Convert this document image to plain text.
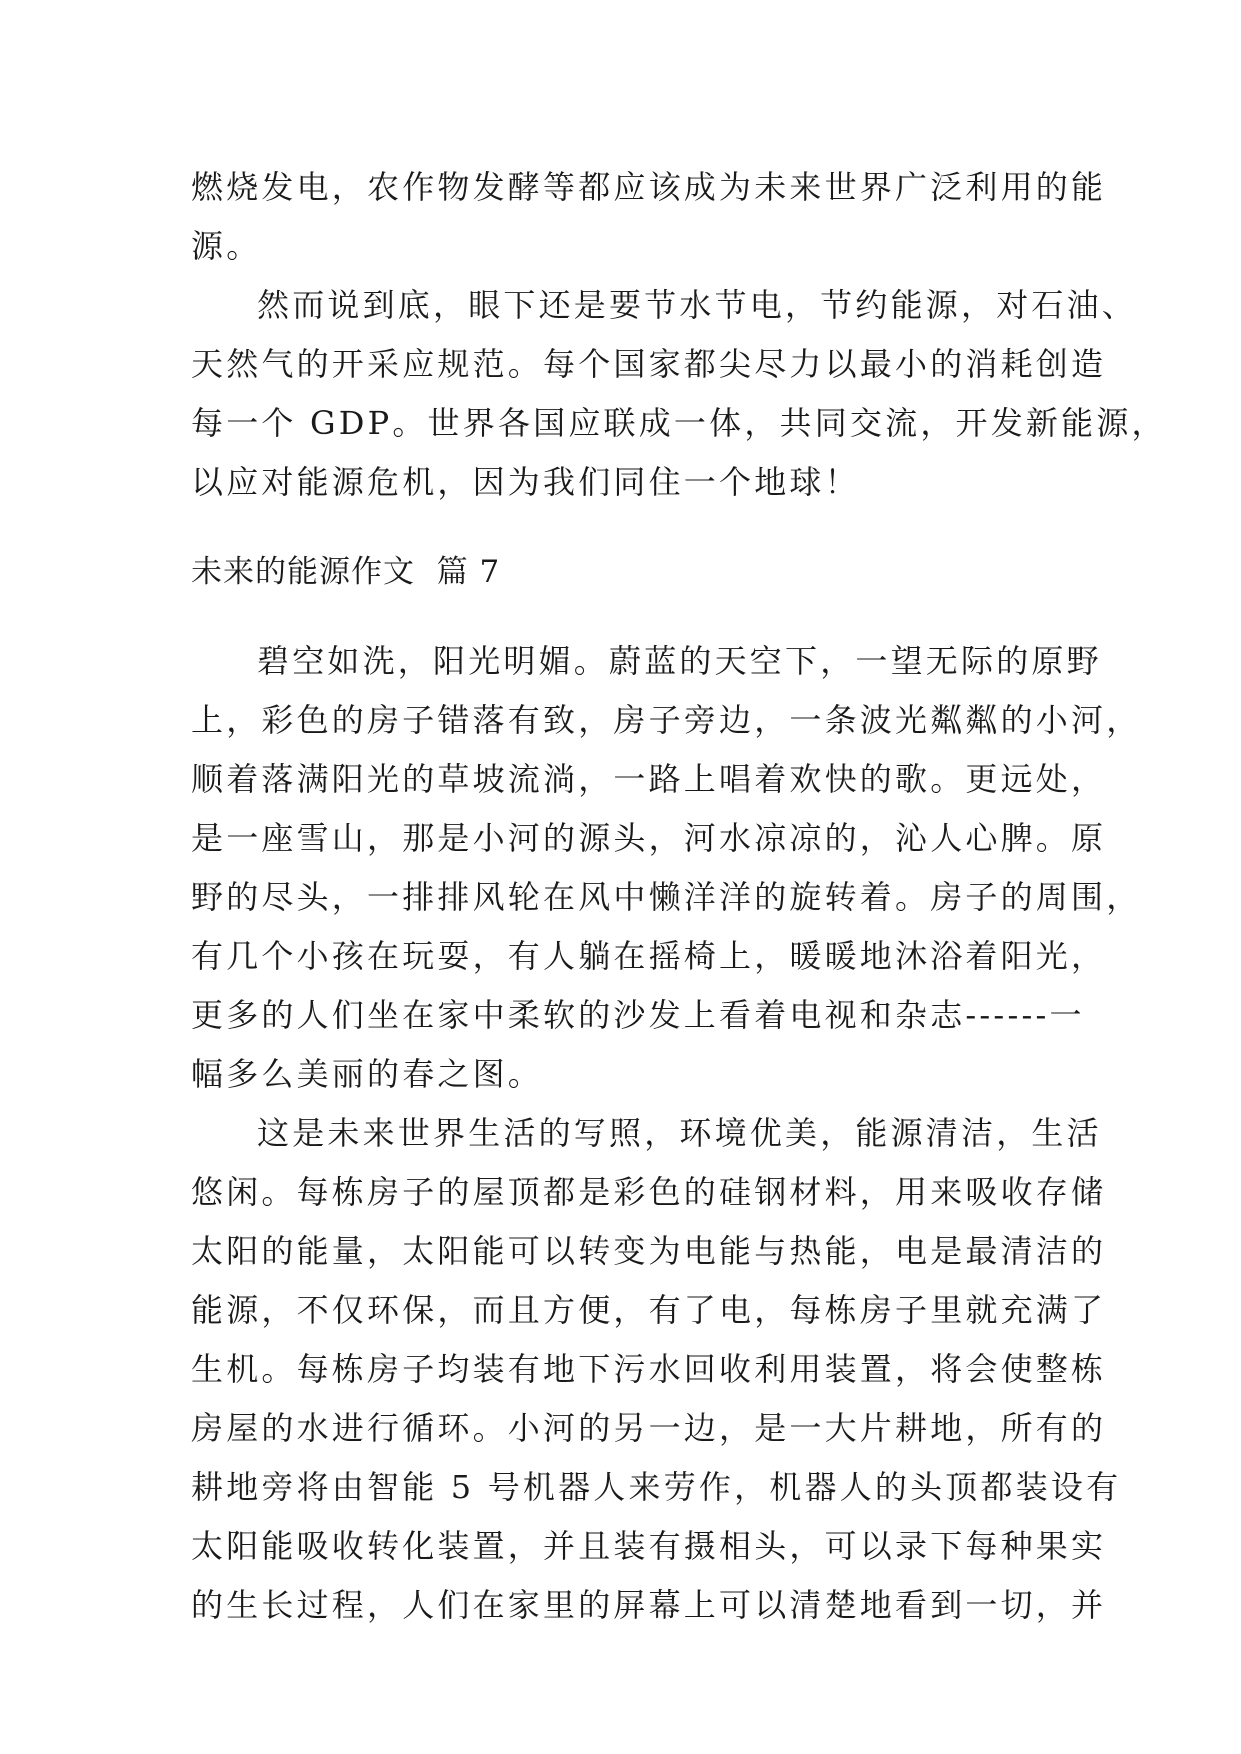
燃烧发电，农作物发酵等都应该成为未来世界广泛利用的能

源。

然而说到底，眼下还是要节水节电，节约能源，对石油、

天然气的开采应规范。每个国家都尖尽力以最小的消耗创造

每一个 GDP。世界各国应联成一体，共同交流，开发新能源，

以应对能源危机，因为我们同住一个地球！

未来的能源作文  篇 7

碧空如洗，阳光明媚。蔚蓝的天空下，一望无际的原野

上，彩色的房子错落有致，房子旁边，一条波光粼粼的小河，

顺着落满阳光的草坡流淌，一路上唱着欢快的歌。更远处，

是一座雪山，那是小河的源头，河水凉凉的，沁人心脾。原

野的尽头，一排排风轮在风中懒洋洋的旋转着。房子的周围，

有几个小孩在玩耍，有人躺在摇椅上，暖暖地沐浴着阳光，

更多的人们坐在家中柔软的沙发上看着电视和杂志------一

幅多么美丽的春之图。

这是未来世界生活的写照，环境优美，能源清洁，生活

悠闲。每栋房子的屋顶都是彩色的硅钢材料，用来吸收存储

太阳的能量，太阳能可以转变为电能与热能，电是最清洁的

能源，不仅环保，而且方便，有了电，每栋房子里就充满了

生机。每栋房子均装有地下污水回收利用装置，将会使整栋

房屋的水进行循环。小河的另一边，是一大片耕地，所有的

耕地旁将由智能 5 号机器人来劳作，机器人的头顶都装设有

太阳能吸收转化装置，并且装有摄相头，可以录下每种果实

的生长过程，人们在家里的屏幕上可以清楚地看到一切，并
